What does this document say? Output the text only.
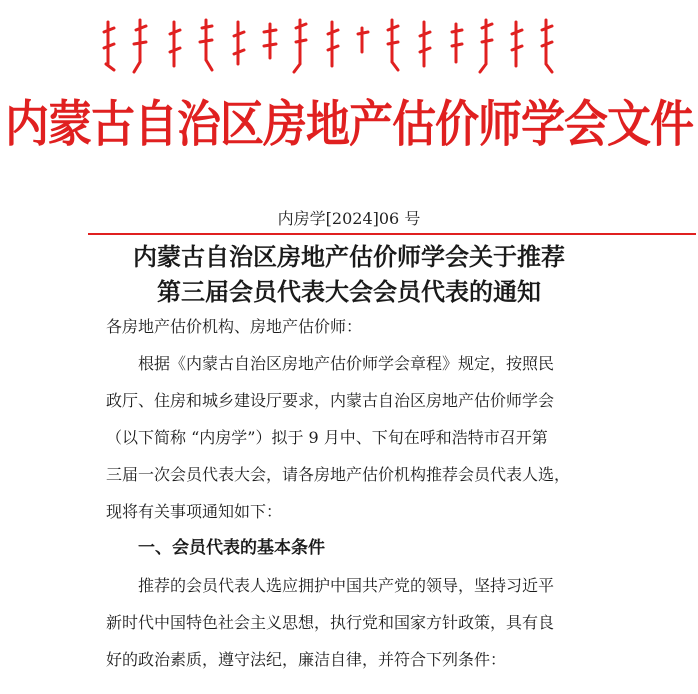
内蒙古自治区房地产估价师学会文件
内房学[2024]06 号
内蒙古自治区房地产估价师学会关于推荐
第三届会员代表大会会员代表的通知
各房地产估价机构、房地产估价师：
根据《内蒙古自治区房地产估价师学会章程》规定，按照民
政厅、住房和城乡建设厅要求，内蒙古自治区房地产估价师学会
（以下简称 “内房学”）拟于 9 月中、下旬在呼和浩特市召开第
三届一次会员代表大会，请各房地产估价机构推荐会员代表人选，
现将有关事项通知如下：
一、会员代表的基本条件
推荐的会员代表人选应拥护中国共产党的领导，坚持习近平
新时代中国特色社会主义思想，执行党和国家方针政策，具有良
好的政治素质，遵守法纪，廉洁自律，并符合下列条件：
